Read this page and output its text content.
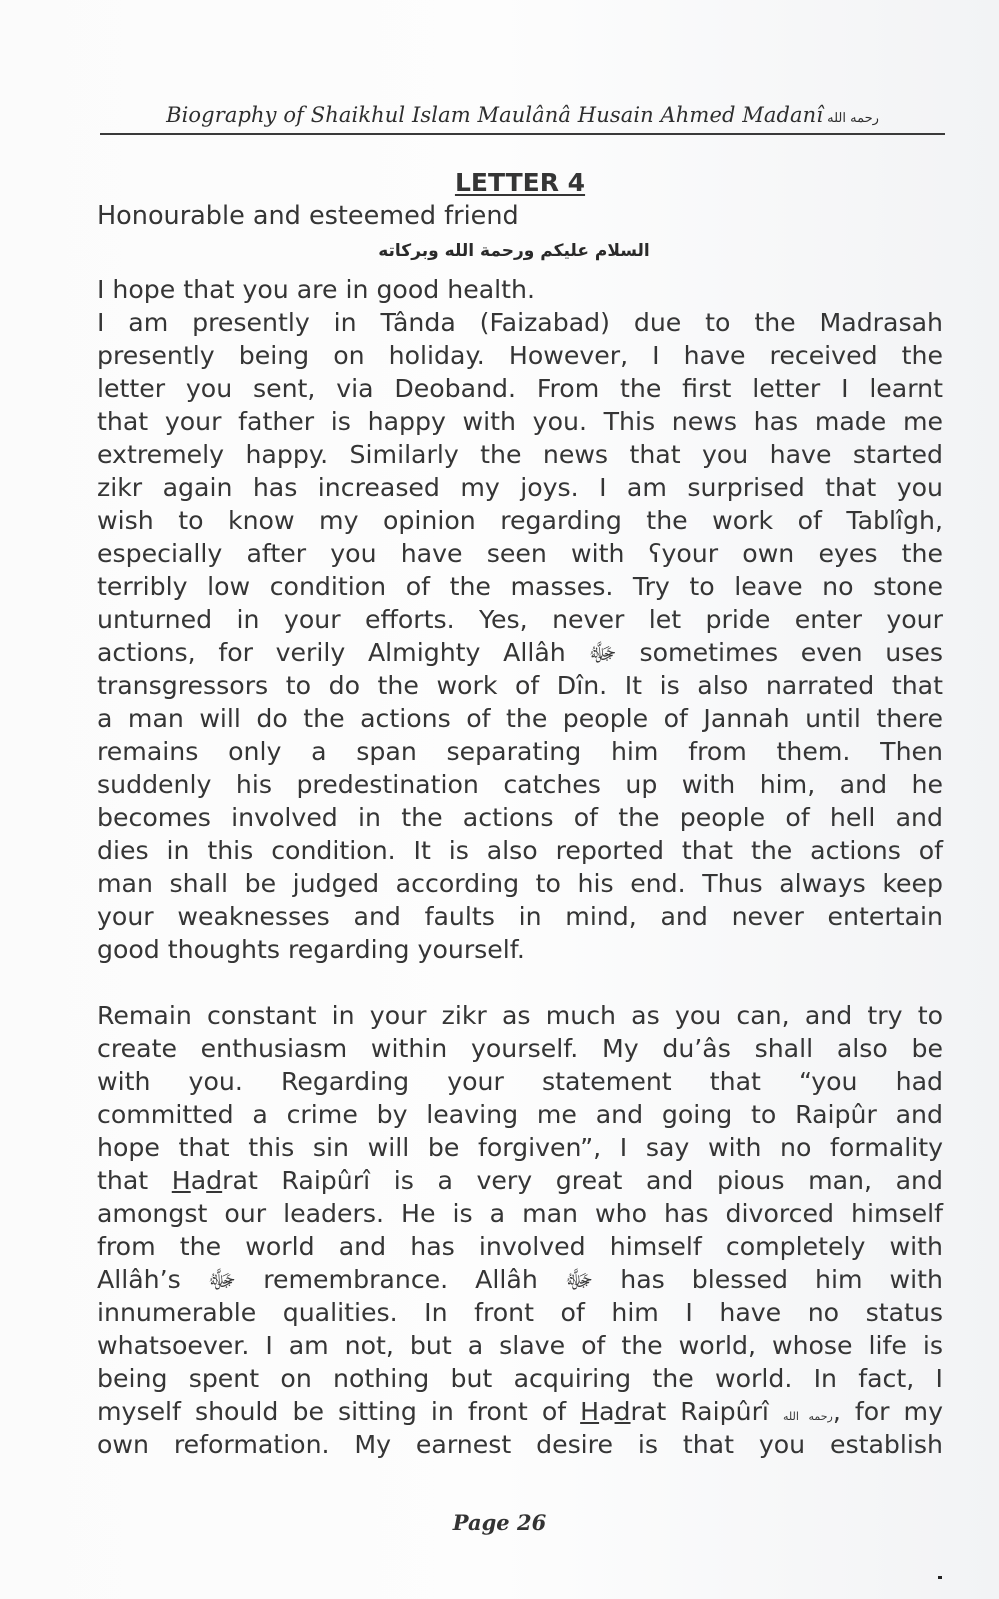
Biography of Shaikhul Islam Maulânâ Husain Ahmed Madanî رحمه الله
LETTER 4
Honourable and esteemed friend
السلام عليكم ورحمة الله وبركاته
I hope that you are in good health.
I am presently in Tânda (Faizabad) due to the Madrasah
presently being on holiday. However, I have received the
letter you sent, via Deoband. From the first letter I learnt
that your father is happy with you. This news has made me
extremely happy. Similarly the news that you have started
zikr again has increased my joys. I am surprised that you
wish to know my opinion regarding the work of Tablîgh,
especially after you have seen with ʕyour own eyes the
terribly low condition of the masses. Try to leave no stone
unturned in your efforts. Yes, never let pride enter your
actions, for verily Almighty Allâh ﷻ sometimes even uses
transgressors to do the work of Dîn. It is also narrated that
a man will do the actions of the people of Jannah until there
remains only a span separating him from them. Then
suddenly his predestination catches up with him, and he
becomes involved in the actions of the people of hell and
dies in this condition. It is also reported that the actions of
man shall be judged according to his end. Thus always keep
your weaknesses and faults in mind, and never entertain
good thoughts regarding yourself.
Remain constant in your zikr as much as you can, and try to
create enthusiasm within yourself. My du’âs shall also be
with you. Regarding your statement that “you had
committed a crime by leaving me and going to Raipûr and
hope that this sin will be forgiven”, I say with no formality
that Hadrat Raipûrî is a very great and pious man, and
amongst our leaders. He is a man who has divorced himself
from the world and has involved himself completely with
Allâh’s ﷻ remembrance. Allâh ﷻ has blessed him with
innumerable qualities. In front of him I have no status
whatsoever. I am not, but a slave of the world, whose life is
being spent on nothing but acquiring the world. In fact, I
myself should be sitting in front of Hadrat Raipûrî رحمه الله, for my
own reformation. My earnest desire is that you establish
Page 26
